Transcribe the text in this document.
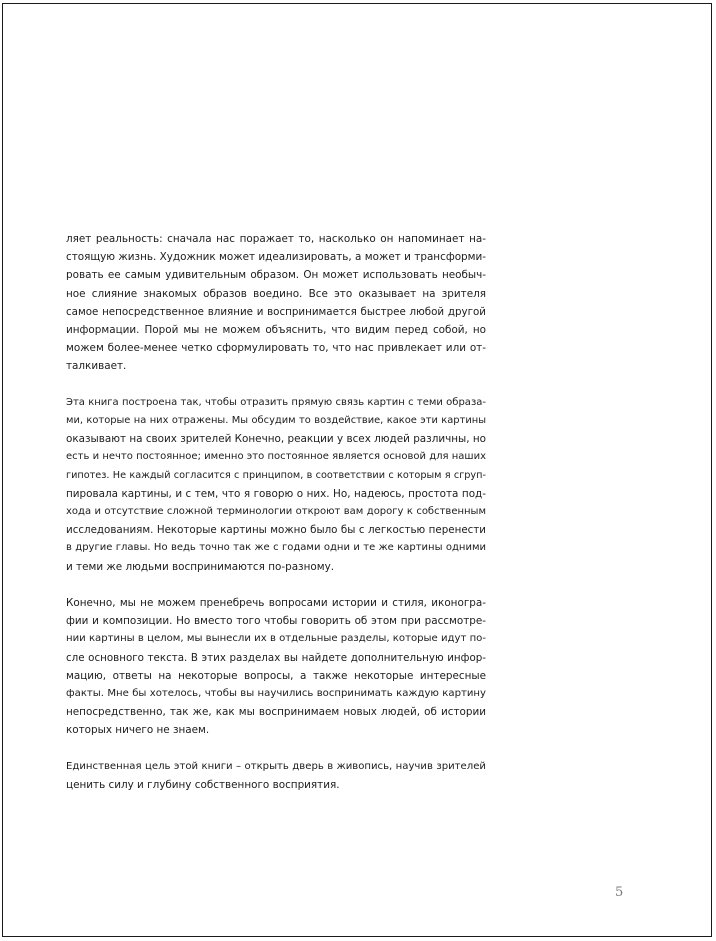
ляет реальность: сначала нас поражает то, насколько он напоминает на-
стоящую жизнь. Художник может идеализировать, а может и трансформи-
ровать ее самым удивительным образом. Он может использовать необыч-
ное слияние знакомых образов воедино. Все это оказывает на зрителя
самое непосредственное влияние и воспринимается быстрее любой другой
информации. Порой мы не можем объяснить, что видим перед собой, но
можем более-менее четко сформулировать то, что нас привлекает или от-
талкивает.
Эта книга построена так, чтобы отразить прямую связь картин с теми образа-
ми, которые на них отражены. Мы обсудим то воздействие, какое эти картины
оказывают на своих зрителей Конечно, реакции у всех людей различны, но
есть и нечто постоянное; именно это постоянное является основой для наших
гипотез. Не каждый согласится с принципом, в соответствии с которым я сгруп-
пировала картины, и с тем, что я говорю о них. Но, надеюсь, простота под-
хода и отсутствие сложной терминологии откроют вам дорогу к собственным
исследованиям. Некоторые картины можно было бы с легкостью перенести
в другие главы. Но ведь точно так же с годами одни и те же картины одними
и теми же людьми воспринимаются по-разному.
Конечно, мы не можем пренебречь вопросами истории и стиля, иконогра-
фии и композиции. Но вместо того чтобы говорить об этом при рассмотре-
нии картины в целом, мы вынесли их в отдельные разделы, которые идут по-
сле основного текста. В этих разделах вы найдете дополнительную инфор-
мацию, ответы на некоторые вопросы, а также некоторые интересные
факты. Мне бы хотелось, чтобы вы научились воспринимать каждую картину
непосредственно, так же, как мы воспринимаем новых людей, об истории
которых ничего не знаем.
Единственная цель этой книги – открыть дверь в живопись, научив зрителей
ценить силу и глубину собственного восприятия.
5
